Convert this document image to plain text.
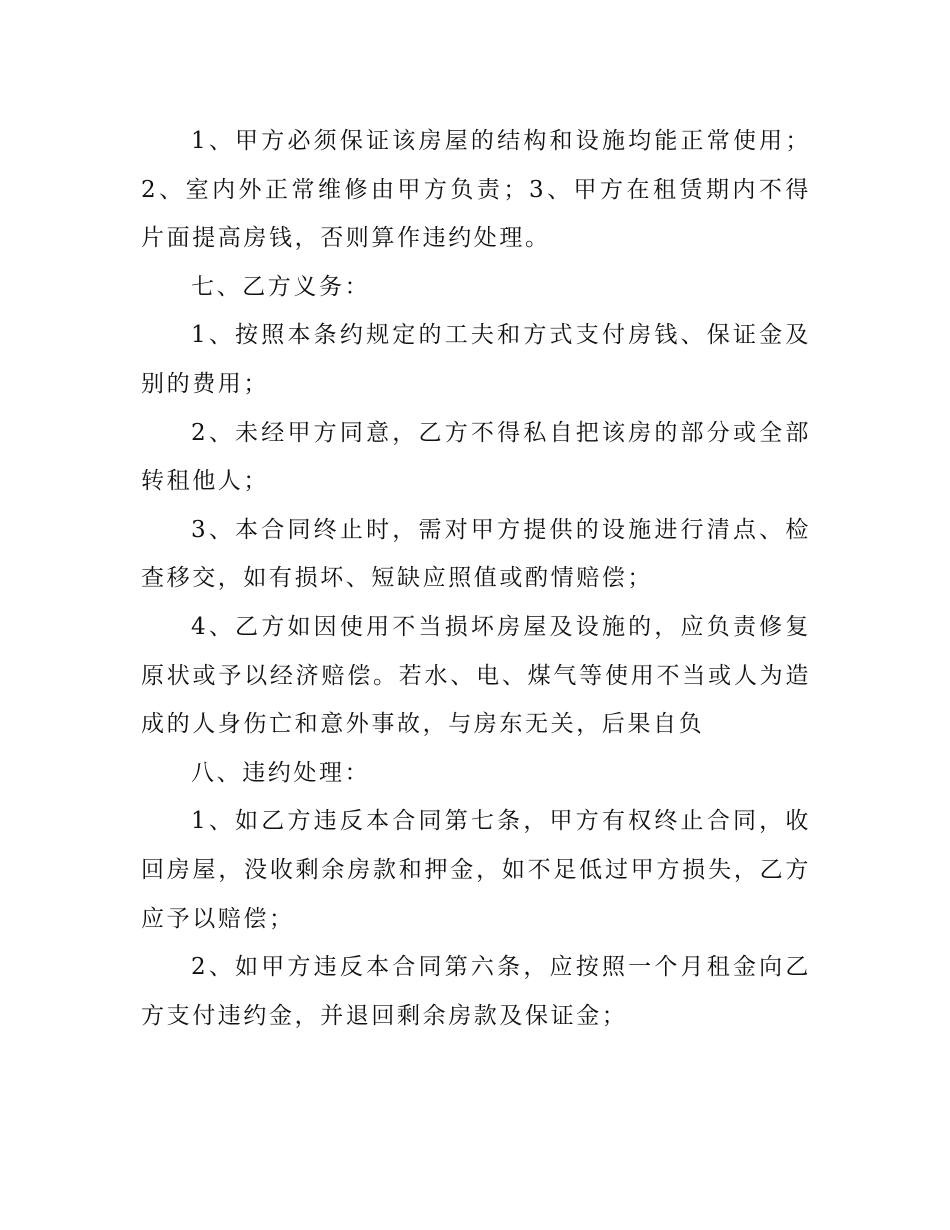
1、甲方必须保证该房屋的结构和设施均能正常使用；2、室内外正常维修由甲方负责；3、甲方在租赁期内不得片面提高房钱，否则算作违约处理。

七、乙方义务：

1、按照本条约规定的工夫和方式支付房钱、保证金及别的费用；

2、未经甲方同意，乙方不得私自把该房的部分或全部转租他人；

3、本合同终止时，需对甲方提供的设施进行清点、检查移交，如有损坏、短缺应照值或酌情赔偿；

4、乙方如因使用不当损坏房屋及设施的，应负责修复原状或予以经济赔偿。若水、电、煤气等使用不当或人为造成的人身伤亡和意外事故，与房东无关，后果自负

八、违约处理：

1、如乙方违反本合同第七条，甲方有权终止合同，收回房屋，没收剩余房款和押金，如不足低过甲方损失，乙方应予以赔偿；

2、如甲方违反本合同第六条，应按照一个月租金向乙方支付违约金，并退回剩余房款及保证金；
